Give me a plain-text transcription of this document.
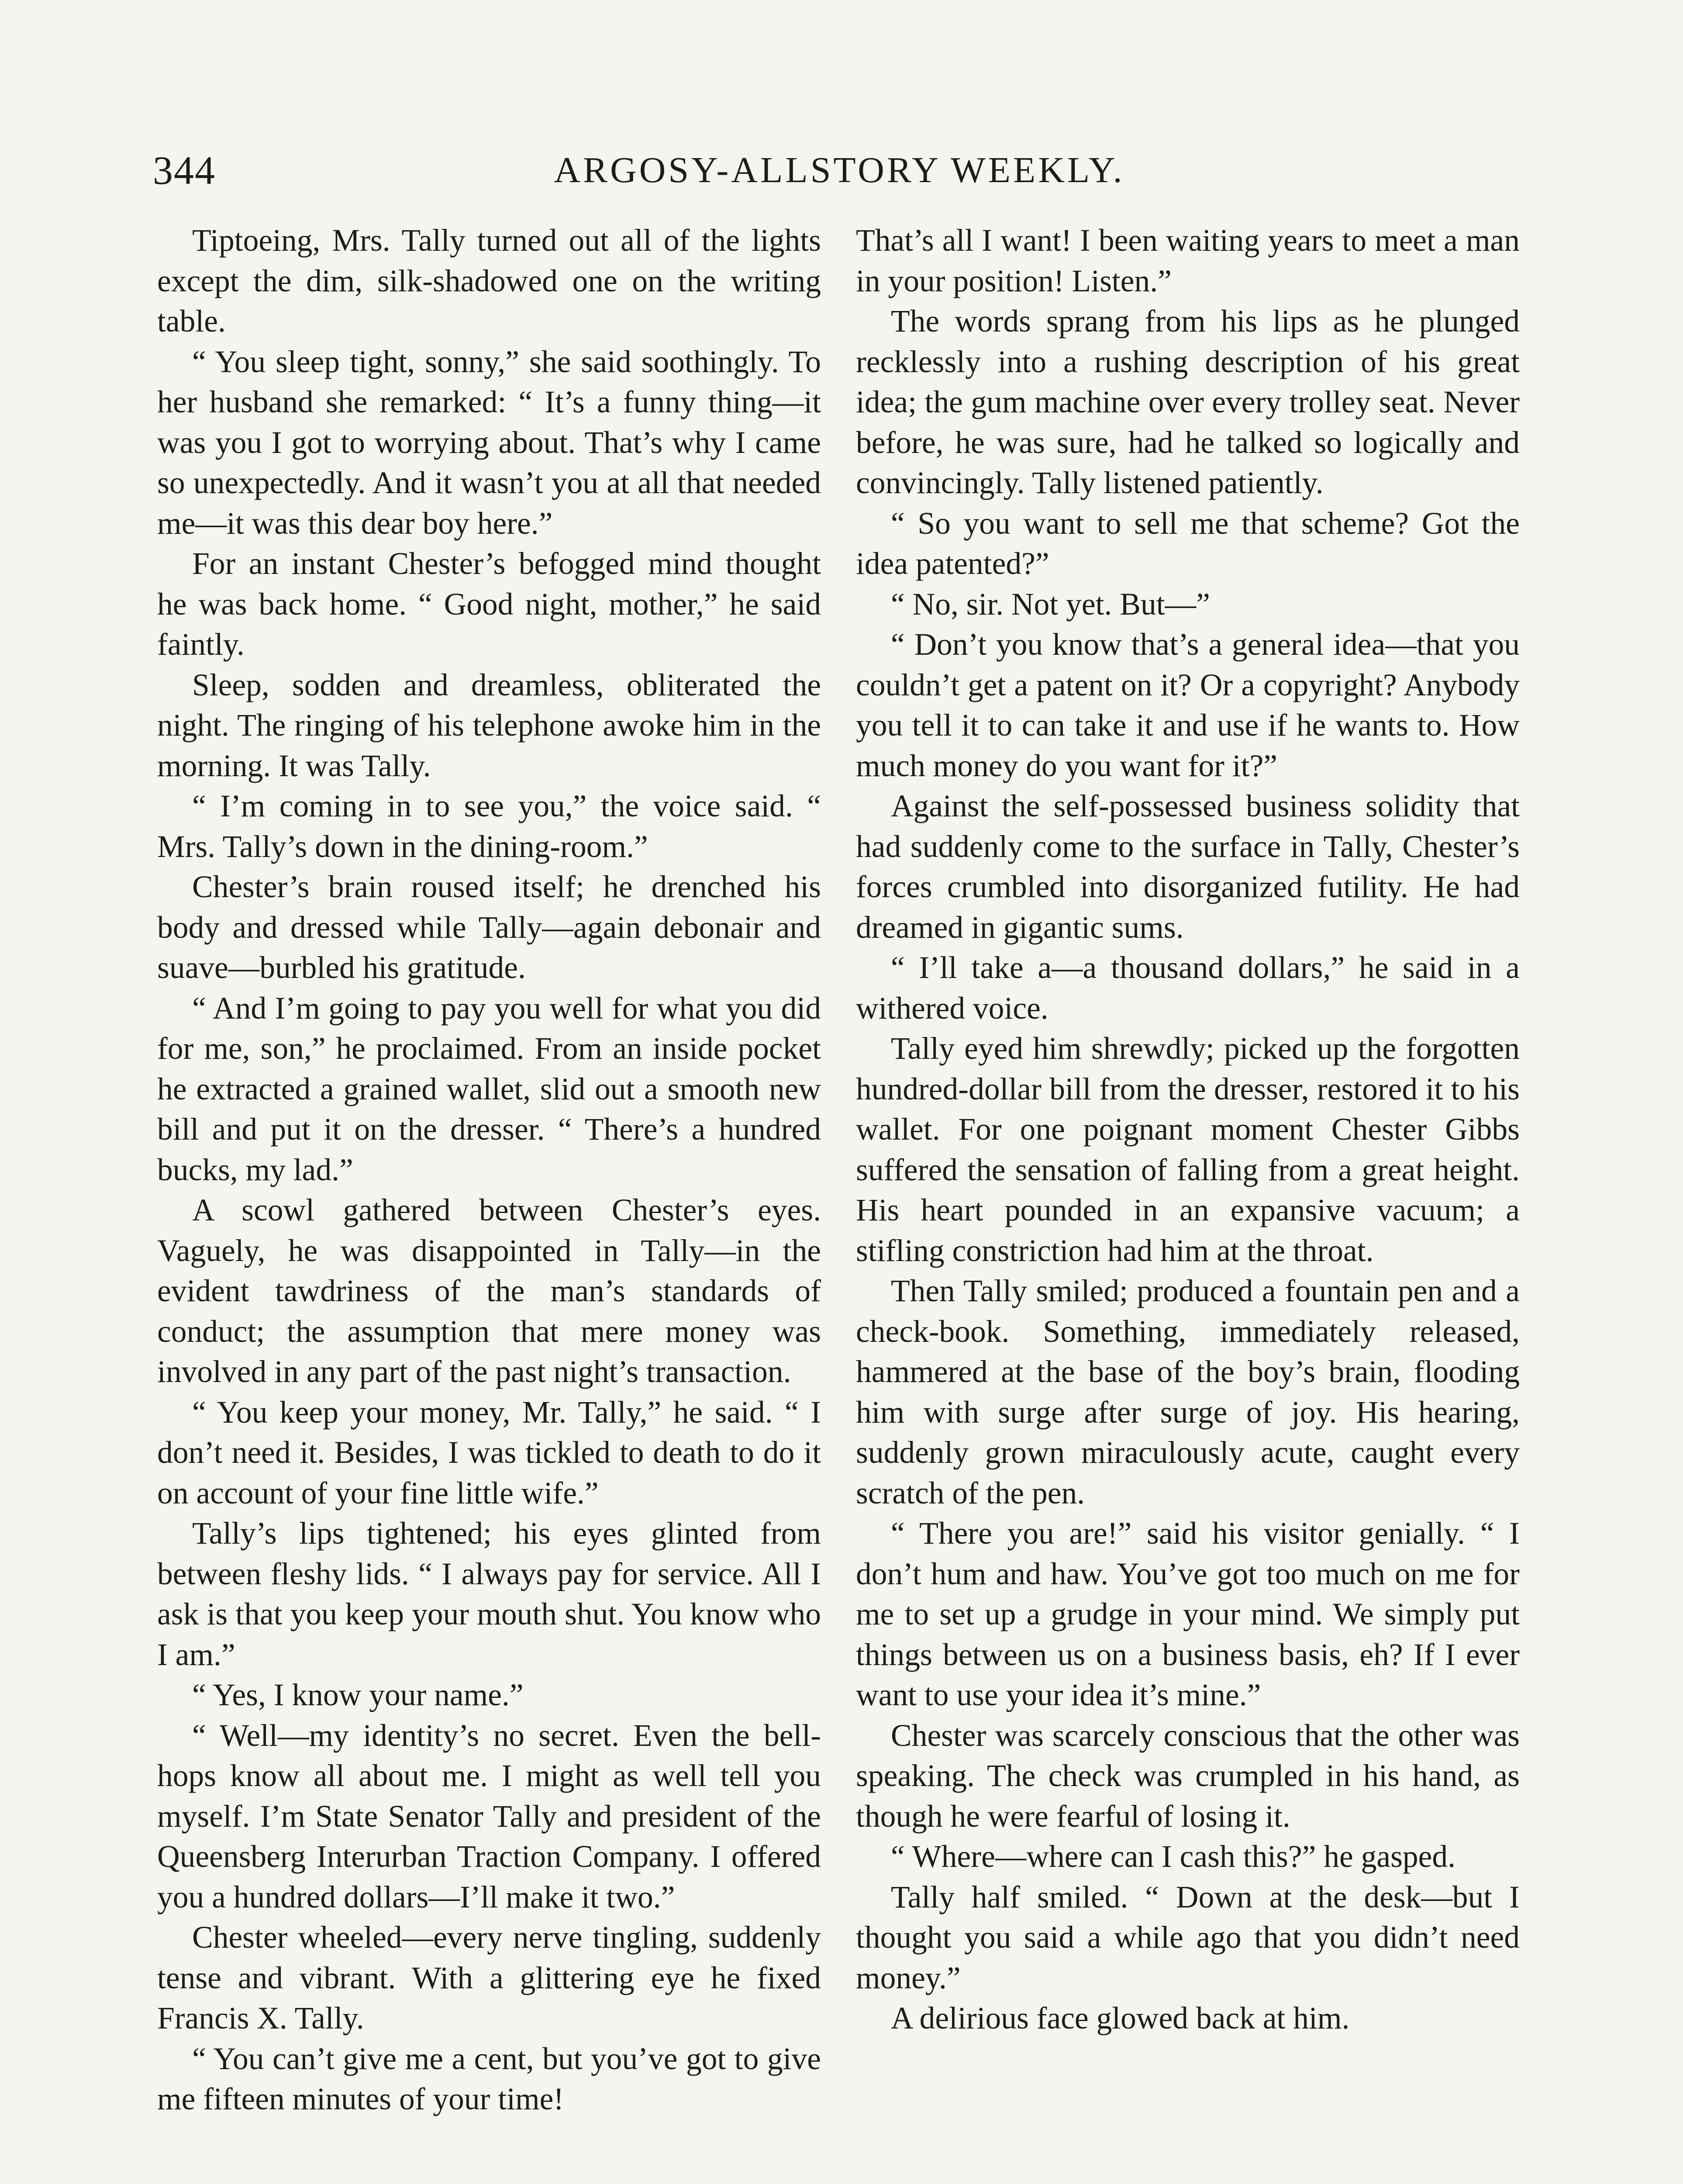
344	ARGOSY-ALLSTORY WEEKLY.

Tiptoeing, Mrs. Tally turned out all of the lights except the dim, silk-shadowed one on the writing table.

“ You sleep tight, sonny,” she said soothingly. To her husband she remarked: “ It’s a funny thing—it was you I got to worrying about. That’s why I came so unexpectedly. And it wasn’t you at all that needed me—it was this dear boy here.”

For an instant Chester’s befogged mind thought he was back home. “ Good night, mother,” he said faintly.

Sleep, sodden and dreamless, obliterated the night. The ringing of his telephone awoke him in the morning. It was Tally.

“ I’m coming in to see you,” the voice said. “ Mrs. Tally’s down in the dining-room.”

Chester’s brain roused itself; he drenched his body and dressed while Tally—again debonair and suave—burbled his gratitude.

“ And I’m going to pay you well for what you did for me, son,” he proclaimed. From an inside pocket he extracted a grained wallet, slid out a smooth new bill and put it on the dresser. “ There’s a hundred bucks, my lad.”

A scowl gathered between Chester’s eyes. Vaguely, he was disappointed in Tally—in the evident tawdriness of the man’s standards of conduct; the assumption that mere money was involved in any part of the past night’s transaction.

“ You keep your money, Mr. Tally,” he said. “ I don’t need it. Besides, I was tickled to death to do it on account of your fine little wife.”

Tally’s lips tightened; his eyes glinted from between fleshy lids. “ I always pay for service. All I ask is that you keep your mouth shut. You know who I am.”

“ Yes, I know your name.”

“ Well—my identity’s no secret. Even the bell-hops know all about me. I might as well tell you myself. I’m State Senator Tally and president of the Queensberg Interurban Traction Company. I offered you a hundred dollars—I’ll make it two.”

Chester wheeled—every nerve tingling, suddenly tense and vibrant. With a glittering eye he fixed Francis X. Tally.

“ You can’t give me a cent, but you’ve got to give me fifteen minutes of your time!

That’s all I want! I been waiting years to meet a man in your position! Listen.”

The words sprang from his lips as he plunged recklessly into a rushing description of his great idea; the gum machine over every trolley seat. Never before, he was sure, had he talked so logically and convincingly. Tally listened patiently.

“ So you want to sell me that scheme? Got the idea patented?”

“ No, sir. Not yet. But—”

“ Don’t you know that’s a general idea—that you couldn’t get a patent on it? Or a copyright? Anybody you tell it to can take it and use if he wants to. How much money do you want for it?”

Against the self-possessed business solidity that had suddenly come to the surface in Tally, Chester’s forces crumbled into disorganized futility. He had dreamed in gigantic sums.

“ I’ll take a—a thousand dollars,” he said in a withered voice.

Tally eyed him shrewdly; picked up the forgotten hundred-dollar bill from the dresser, restored it to his wallet. For one poignant moment Chester Gibbs suffered the sensation of falling from a great height. His heart pounded in an expansive vacuum; a stifling constriction had him at the throat.

Then Tally smiled; produced a fountain pen and a check-book. Something, immediately released, hammered at the base of the boy’s brain, flooding him with surge after surge of joy. His hearing, suddenly grown miraculously acute, caught every scratch of the pen.

“ There you are!” said his visitor genially. “ I don’t hum and haw. You’ve got too much on me for me to set up a grudge in your mind. We simply put things between us on a business basis, eh? If I ever want to use your idea it’s mine.”

Chester was scarcely conscious that the other was speaking. The check was crumpled in his hand, as though he were fearful of losing it.

“ Where—where can I cash this?” he gasped.

Tally half smiled. “ Down at the desk—but I thought you said a while ago that you didn’t need money.”

A delirious face glowed back at him.
